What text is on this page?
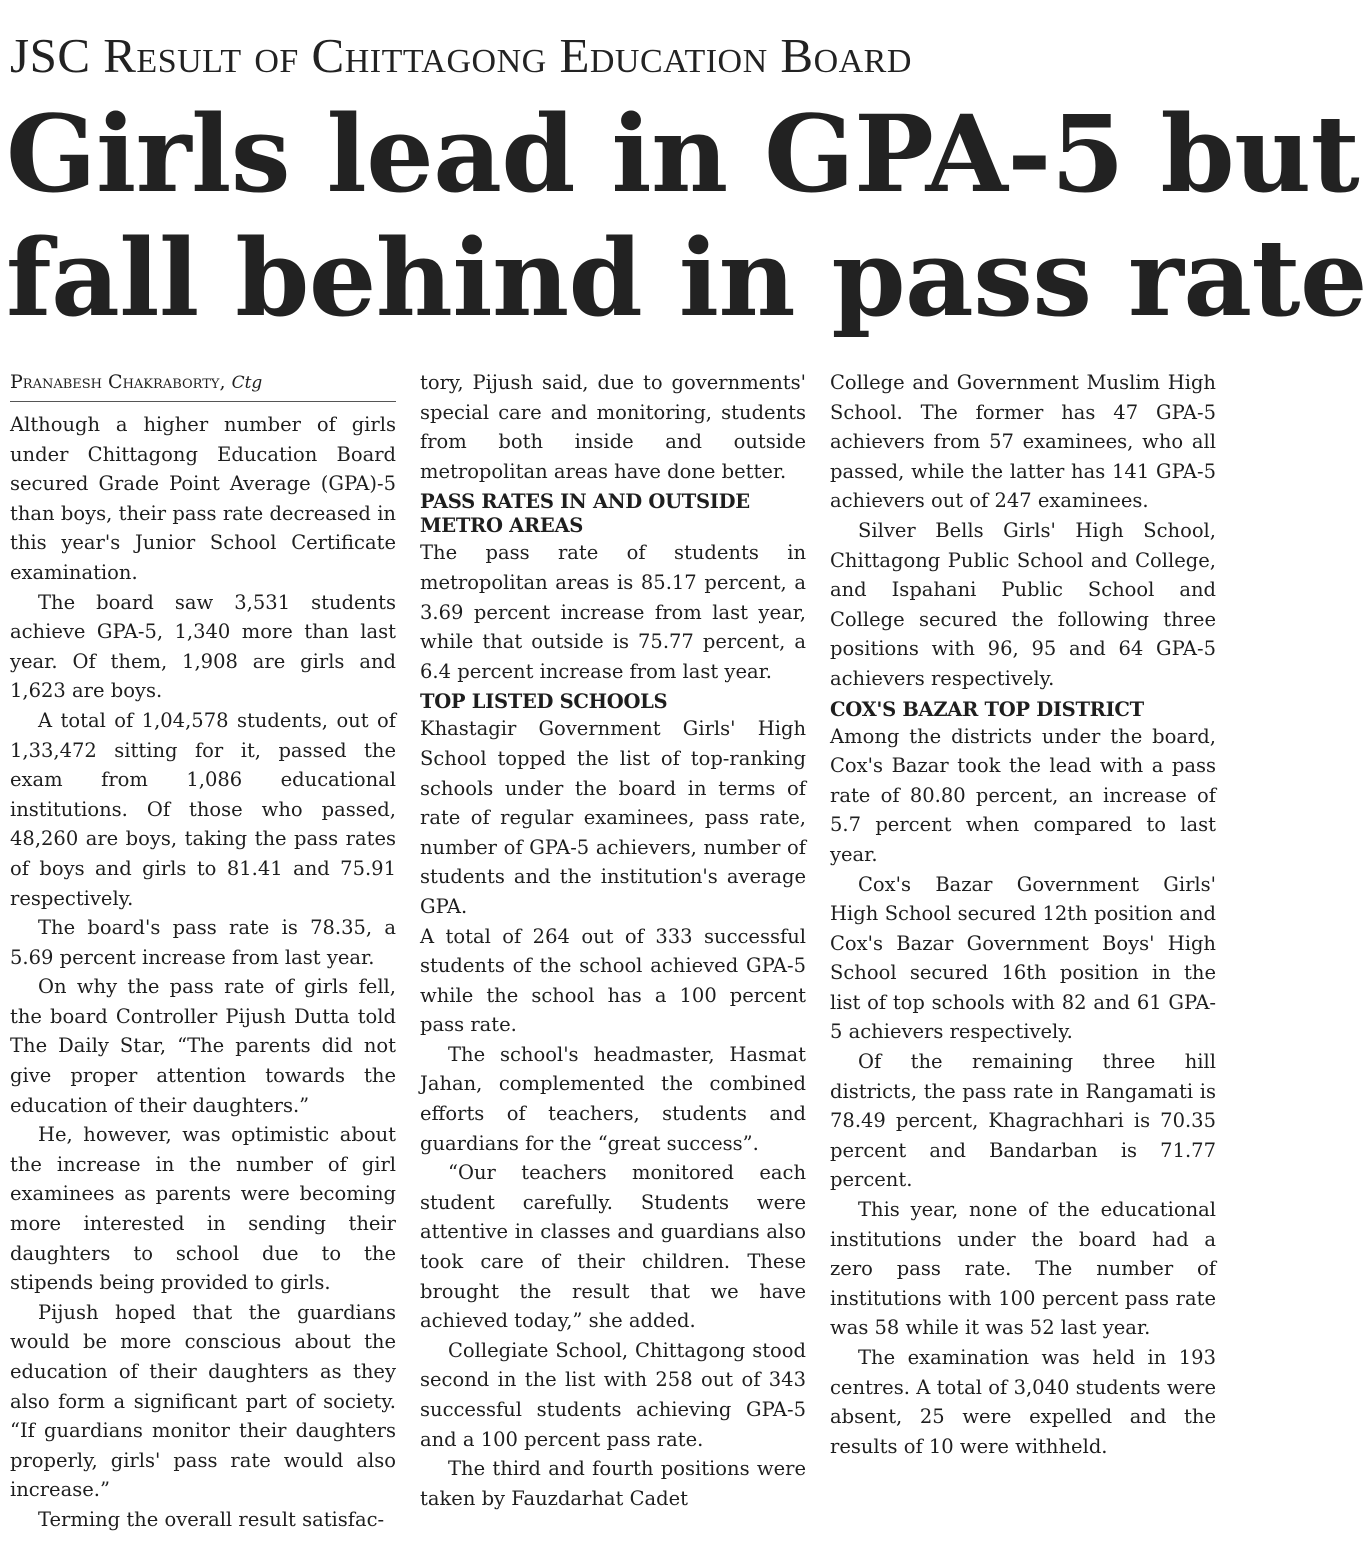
JSC Result of Chittagong Education Board
Girls lead in GPA-5 but
fall behind in pass rate
Pranabesh Chakraborty, Ctg

Although a higher number of girls under Chittagong Education Board secured Grade Point Average (GPA)-5 than boys, their pass rate decreased in this year's Junior School Certificate examination.

The board saw 3,531 students achieve GPA-5, 1,340 more than last year. Of them, 1,908 are girls and 1,623 are boys.

A total of 1,04,578 students, out of 1,33,472 sitting for it, passed the exam from 1,086 educational institutions. Of those who passed, 48,260 are boys, taking the pass rates of boys and girls to 81.41 and 75.91 respectively.

The board's pass rate is 78.35, a 5.69 percent increase from last year.

On why the pass rate of girls fell, the board Controller Pijush Dutta told The Daily Star, “The parents did not give proper attention towards the education of their daughters.”

He, however, was optimistic about the increase in the number of girl examinees as parents were becoming more interested in sending their daughters to school due to the stipends being provided to girls.

Pijush hoped that the guardians would be more conscious about the education of their daughters as they also form a significant part of society. “If guardians monitor their daughters properly, girls' pass rate would also increase.”

Terming the overall result satisfac-

tory, Pijush said, due to governments' special care and monitoring, students from both inside and outside metropolitan areas have done better.

PASS RATES IN AND OUTSIDE METRO AREAS

The pass rate of students in metropolitan areas is 85.17 percent, a 3.69 percent increase from last year, while that outside is 75.77 percent, a 6.4 percent increase from last year.

TOP LISTED SCHOOLS

Khastagir Government Girls' High School topped the list of top-ranking schools under the board in terms of rate of regular examinees, pass rate, number of GPA-5 achievers, number of students and the institution's average GPA.

A total of 264 out of 333 successful students of the school achieved GPA-5 while the school has a 100 percent pass rate.

The school's headmaster, Hasmat Jahan, complemented the combined efforts of teachers, students and guardians for the “great success”.

“Our teachers monitored each student carefully. Students were attentive in classes and guardians also took care of their children. These brought the result that we have achieved today,” she added.

Collegiate School, Chittagong stood second in the list with 258 out of 343 successful students achieving GPA-5 and a 100 percent pass rate.

The third and fourth positions were taken by Fauzdarhat Cadet

College and Government Muslim High School. The former has 47 GPA-5 achievers from 57 examinees, who all passed, while the latter has 141 GPA-5 achievers out of 247 examinees.

Silver Bells Girls' High School, Chittagong Public School and College, and Ispahani Public School and College secured the following three positions with 96, 95 and 64 GPA-5 achievers respectively.

COX'S BAZAR TOP DISTRICT

Among the districts under the board, Cox's Bazar took the lead with a pass rate of 80.80 percent, an increase of 5.7 percent when compared to last year.

Cox's Bazar Government Girls' High School secured 12th position and Cox's Bazar Government Boys' High School secured 16th position in the list of top schools with 82 and 61 GPA-5 achievers respectively.

Of the remaining three hill districts, the pass rate in Rangamati is 78.49 percent, Khagrachhari is 70.35 percent and Bandarban is 71.77 percent.

This year, none of the educational institutions under the board had a zero pass rate. The number of institutions with 100 percent pass rate was 58 while it was 52 last year.

The examination was held in 193 centres. A total of 3,040 students were absent, 25 were expelled and the results of 10 were withheld.
